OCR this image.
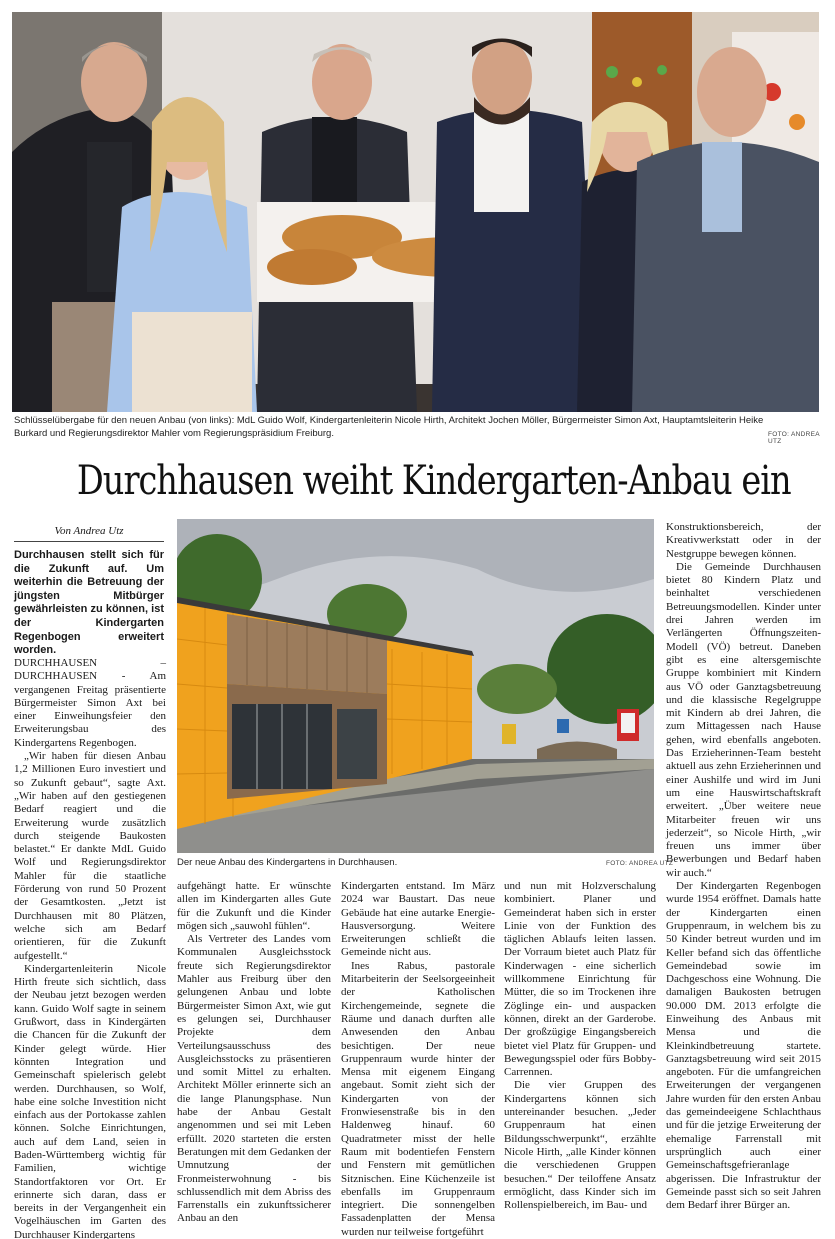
Schlüsselübergabe für den neuen Anbau (von links): MdL Guido Wolf, Kindergartenleiterin Nicole Hirth, Architekt Jochen Möller, Bürgermeister Simon Axt, Hauptamtsleiterin Heike Burkard und Regierungsdirektor Mahler vom Regierungspräsidium Freiburg.	FOTO: ANDREA UTZ
Durchhausen weiht Kindergarten-Anbau ein
Von Andrea Utz
Durchhausen stellt sich für die Zukunft auf. Um weiterhin die Betreuung der jüngsten Mitbürger gewährleisten zu können, ist der Kindergarten Regenbogen erweitert worden.

DURCHHAUSEN – DURCHHAUSEN - Am vergangenen Freitag präsentierte Bürgermeister Simon Axt bei einer Einweihungsfeier den Erweiterungsbau des Kindergartens Regenbogen.

„Wir haben für diesen Anbau 1,2 Millionen Euro investiert und so Zukunft gebaut“, sagte Axt. „Wir haben auf den gestiegenen Bedarf reagiert und die Erweiterung wurde zusätzlich durch steigende Baukosten belastet.“ Er dankte MdL Guido Wolf und Regierungsdirektor Mahler für die staatliche Förderung von rund 50 Prozent der Gesamtkosten. „Jetzt ist Durchhausen mit 80 Plätzen, welche sich am Bedarf orientieren, für die Zukunft aufgestellt.“

Kindergartenleiterin Nicole Hirth freute sich sichtlich, dass der Neubau jetzt bezogen werden kann. Guido Wolf sagte in seinem Grußwort, dass in Kindergärten die Chancen für die Zukunft der Kinder gelegt würde. Hier könnten Integration und Gemeinschaft spielerisch gelebt werden. Durchhausen, so Wolf, habe eine solche Investition nicht einfach aus der Portokasse zahlen können. Solche Einrichtungen, auch auf dem Land, seien in Baden-Württemberg wichtig für Familien, wichtige Standortfaktoren vor Ort. Er erinnerte sich daran, dass er bereits in der Vergangenheit ein Vogelhäuschen im Garten des Durchhauser Kindergartens

Der neue Anbau des Kindergartens in Durchhausen.	FOTO: ANDREA UTZ

aufgehängt hatte. Er wünschte allen im Kindergarten alles Gute für die Zukunft und die Kinder mögen sich „sauwohl fühlen“.

Als Vertreter des Landes vom Kommunalen Ausgleichsstock freute sich Regierungsdirektor Mahler aus Freiburg über den gelungenen Anbau und lobte Bürgermeister Simon Axt, wie gut es gelungen sei, Durchhauser Projekte dem Verteilungsausschuss des Ausgleichsstocks zu präsentieren und somit Mittel zu erhalten. Architekt Möller erinnerte sich an die lange Planungsphase. Nun habe der Anbau Gestalt angenommen und sei mit Leben erfüllt. 2020 starteten die ersten Beratungen mit dem Gedanken der Umnutzung der Fronmeisterwohnung - bis schlussendlich mit dem Abriss des Farrenstalls ein zukunftssicherer Anbau an den

Kindergarten entstand. Im März 2024 war Baustart. Das neue Gebäude hat eine autarke Energie-Hausversorgung. Weitere Erweiterungen schließt die Gemeinde nicht aus.

Ines Rabus, pastorale Mitarbeiterin der Seelsorgeeinheit der Katholischen Kirchengemeinde, segnete die Räume und danach durften alle Anwesenden den Anbau besichtigen. Der neue Gruppenraum wurde hinter der Mensa mit eigenem Eingang angebaut. Somit zieht sich der Kindergarten von der Fronwiesenstraße bis in den Haldenweg hinauf. 60 Quadratmeter misst der helle Raum mit bodentiefen Fenstern und Fenstern mit gemütlichen Sitznischen. Eine Küchenzeile ist ebenfalls im Gruppenraum integriert. Die sonnengelben Fassadenplatten der Mensa wurden nur teilweise fortgeführt

und nun mit Holzverschalung kombiniert. Planer und Gemeinderat haben sich in erster Linie von der Funktion des täglichen Ablaufs leiten lassen. Der Vorraum bietet auch Platz für Kinderwagen - eine sicherlich willkommene Einrichtung für Mütter, die so im Trockenen ihre Zöglinge ein- und auspacken können, direkt an der Garderobe. Der großzügige Eingangsbereich bietet viel Platz für Gruppen- und Bewegungsspiel oder fürs Bobby-Carrennen.

Die vier Gruppen des Kindergartens können sich untereinander besuchen. „Jeder Gruppenraum hat einen Bildungsschwerpunkt“, erzählte Nicole Hirth, „alle Kinder können die verschiedenen Gruppen besuchen.“ Der teiloffene Ansatz ermöglicht, dass Kinder sich im Rollenspielbereich, im Bau- und

Konstruktionsbereich, der Kreativwerkstatt oder in der Nestgruppe bewegen können.

Die Gemeinde Durchhausen bietet 80 Kindern Platz und beinhaltet verschiedenen Betreuungsmodellen. Kinder unter drei Jahren werden im Verlängerten Öffnungszeiten-Modell (VÖ) betreut. Daneben gibt es eine altersgemischte Gruppe kombiniert mit Kindern aus VÖ oder Ganztagsbetreuung und die klassische Regelgruppe mit Kindern ab drei Jahren, die zum Mittagessen nach Hause gehen, wird ebenfalls angeboten. Das Erzieherinnen-Team besteht aktuell aus zehn Erzieherinnen und einer Aushilfe und wird im Juni um eine Hauswirtschaftskraft erweitert. „Über weitere neue Mitarbeiter freuen wir uns jederzeit“, so Nicole Hirth, „wir freuen uns immer über Bewerbungen und Bedarf haben wir auch.“

Der Kindergarten Regenbogen wurde 1954 eröffnet. Damals hatte der Kindergarten einen Gruppenraum, in welchem bis zu 50 Kinder betreut wurden und im Keller befand sich das öffentliche Gemeindebad sowie im Dachgeschoss eine Wohnung. Die damaligen Baukosten betrugen 90.000 DM. 2013 erfolgte die Einweihung des Anbaus mit Mensa und die Kleinkindbetreuung startete. Ganztagsbetreuung wird seit 2015 angeboten. Für die umfangreichen Erweiterungen der vergangenen Jahre wurden für den ersten Anbau das gemeindeeigene Schlachthaus und für die jetzige Erweiterung der ehemalige Farrenstall mit ursprünglich auch einer Gemeinschaftsgefrieranlage abgerissen. Die Infrastruktur der Gemeinde passt sich so seit Jahren dem Bedarf ihrer Bürger an.
